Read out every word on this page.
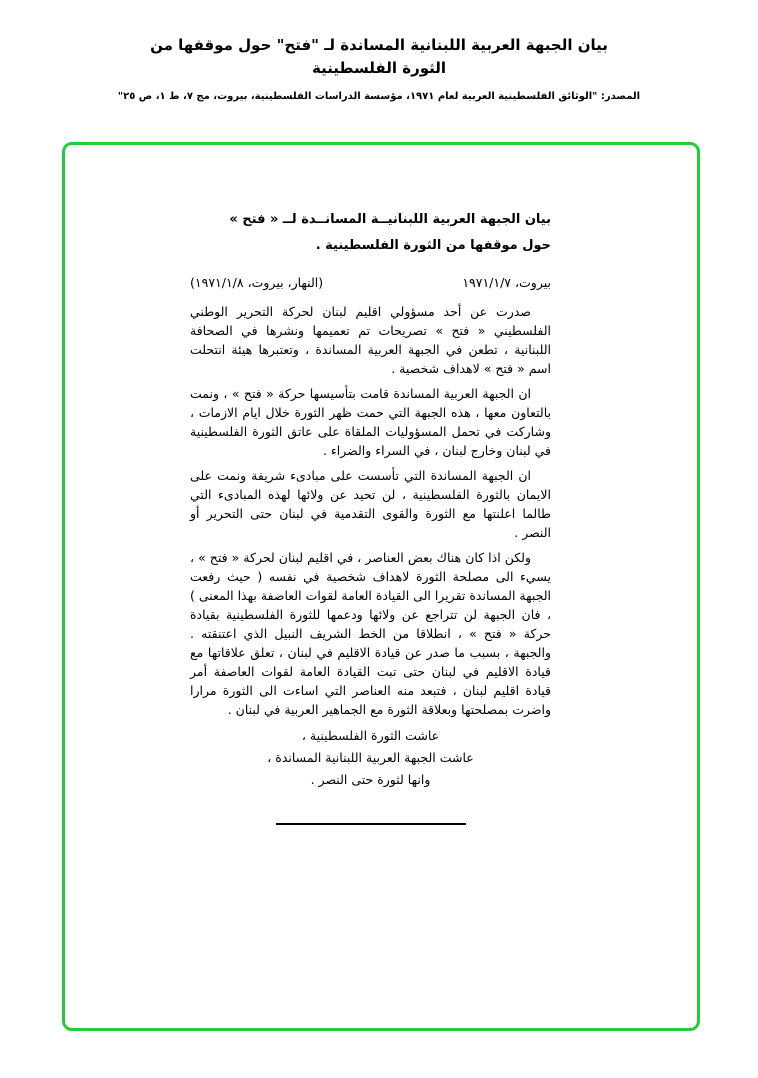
بيان الجبهة العربية اللبنانية المساندة لـ "فتح" حول موقفها من الثورة الفلسطينية
المصدر: "الوثائق الفلسطينية العربية لعام ١٩٧١، مؤسسة الدراسات الفلسطينية، بيروت، مج ٧، ط ١، ص ٢٥"
بيان الجبهة العربية اللبنانيــة المسانــدة لــ « فتح »
حول موقفها من الثورة الفلسطينية .
بيروت، ١٩٧١/١/٧
(النهار، بيروت، ١٩٧١/١/٨)

صدرت عن أحد مسؤولي اقليم لبنان لحركة التحرير الوطني الفلسطيني « فتح » تصريحات تم تعميمها ونشرها في الصحافة اللبنانية ، تطعن في الجبهة العربية المساندة ، وتعتبرها هيئة انتحلت اسم « فتح » لاهداف شخصية .

ان الجبهة العربية المساندة قامت بتأسيسها حركة « فتح » ، ونمت بالتعاون معها ، هذه الجبهة التي حمت ظهر الثورة خلال ايام الازمات ، وشاركت في تحمل المسؤوليات الملقاة على عاتق الثورة الفلسطينية في لبنان وخارج لبنان ، في السراء والضراء .

ان الجبهة المساندة التي تأسست على مبادىء شريفة ونمت على الايمان بالثورة الفلسطينية ، لن تحيد عن ولائها لهذه المبادىء التي طالما اعلنتها مع الثورة والقوى التقدمية في لبنان حتى التحرير أو النصر .

ولكن اذا كان هناك بعض العناصر ، في اقليم لبنان لحركة « فتح » ، يسيء الى مصلحة الثورة لاهداف شخصية في نفسه ( حيث رفعت الجبهة المساندة تقريرا الى القيادة العامة لقوات العاصفة بهذا المعنى ) ، فان الجبهة لن تتراجع عن ولائها ودعمها للثورة الفلسطينية بقيادة حركة « فتح » ، انطلاقا من الخط الشريف النبيل الذي اعتنقته . والجبهة ، بسبب ما صدر عن قيادة الاقليم في لبنان ، تعلق علاقاتها مع قيادة الاقليم في لبنان حتى تبت القيادة العامة لقوات العاصفة أمر قيادة اقليم لبنان ، فتبعد منه العناصر التي اساءت الى الثورة مرارا واضرت بمصلحتها وبعلاقة الثورة مع الجماهير العربية في لبنان .

عاشت الثورة الفلسطينية ،
عاشت الجبهة العربية اللبنانية المساندة ،
وانها لثورة حتى النصر .
